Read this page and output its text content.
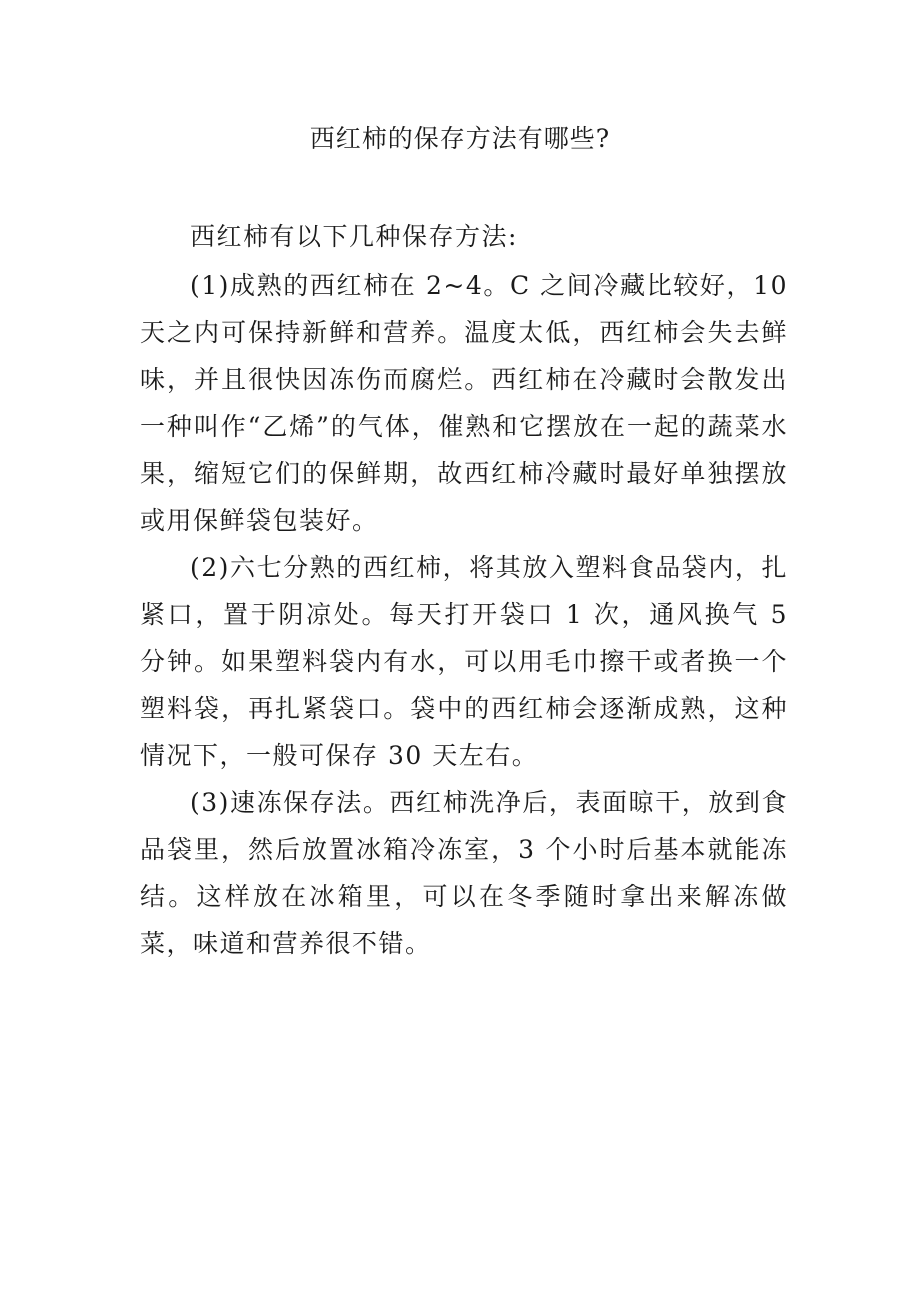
西红柿的保存方法有哪些?

西红柿有以下几种保存方法:

(1)成熟的西红柿在 2~4。C 之间冷藏比较好，10 天之内可保持新鲜和营养。温度太低，西红柿会失去鲜味，并且很快因冻伤而腐烂。西红柿在冷藏时会散发出一种叫作“乙烯”的气体，催熟和它摆放在一起的蔬菜水果，缩短它们的保鲜期，故西红柿冷藏时最好单独摆放或用保鲜袋包装好。

(2)六七分熟的西红柿，将其放入塑料食品袋内，扎紧口，置于阴凉处。每天打开袋口 1 次，通风换气 5 分钟。如果塑料袋内有水，可以用毛巾擦干或者换一个塑料袋，再扎紧袋口。袋中的西红柿会逐渐成熟，这种情况下，一般可保存 30 天左右。

(3)速冻保存法。西红柿洗净后，表面晾干，放到食品袋里，然后放置冰箱冷冻室，3 个小时后基本就能冻结。这样放在冰箱里，可以在冬季随时拿出来解冻做菜，味道和营养很不错。
